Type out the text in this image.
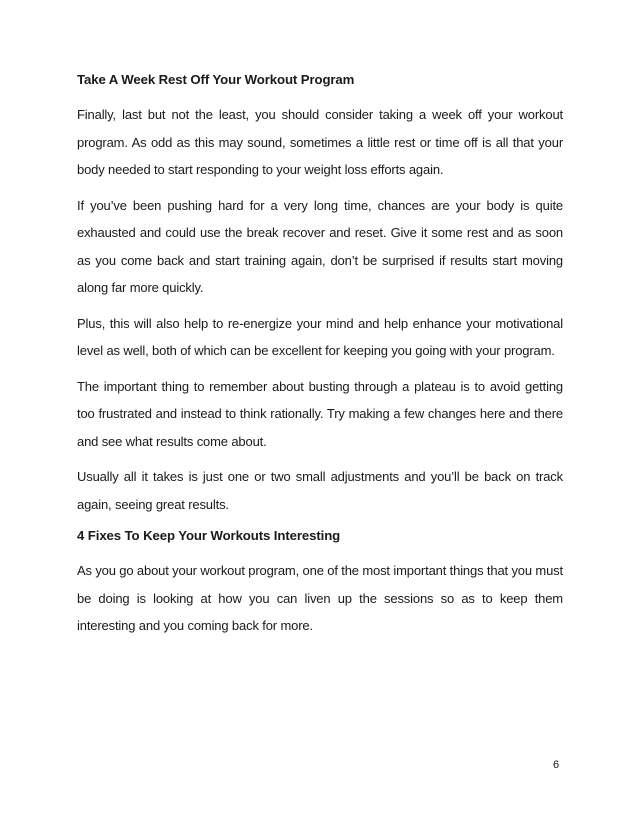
Take A Week Rest Off Your Workout Program

Finally, last but not the least, you should consider taking a week off your workout program. As odd as this may sound, sometimes a little rest or time off is all that your body needed to start responding to your weight loss efforts again.

If you’ve been pushing hard for a very long time, chances are your body is quite exhausted and could use the break recover and reset. Give it some rest and as soon as you come back and start training again, don’t be surprised if results start moving along far more quickly.

Plus, this will also help to re-energize your mind and help enhance your motivational level as well, both of which can be excellent for keeping you going with your program.

The important thing to remember about busting through a plateau is to avoid getting too frustrated and instead to think rationally. Try making a few changes here and there and see what results come about.

Usually all it takes is just one or two small adjustments and you’ll be back on track again, seeing great results.

4 Fixes To Keep Your Workouts Interesting

As you go about your workout program, one of the most important things that you must be doing is looking at how you can liven up the sessions so as to keep them interesting and you coming back for more.

6
